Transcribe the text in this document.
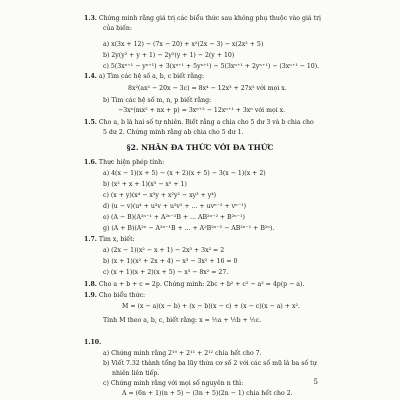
1.3. Chứng minh rằng giá trị các biểu thức sau không phụ thuộc vào giá trị
của biến:
a) x(3x + 12) − (7x − 20) + x²(2x − 3) − x(2x² + 5)
b) 2y(y² + y + 1) − 2y²(y + 1) − 2(y + 10)
c) 5(3xⁿ⁺¹ − yⁿ⁺¹) + 3(xⁿ⁺¹ + 5yⁿ⁺¹) − 5(3xⁿ⁺¹ + 2yⁿ⁺¹) − (3xⁿ⁺¹ − 10).
1.4. a) Tìm các hệ số a, b, c biết rằng:
8x²(ax² − 20x − 3c) = 8x⁴ − 12x³ + 27x² với mọi x.
b) Tìm các hệ số m, n, p biết rằng:
−3xⁿ(mx² + nx + p) = 3xⁿ⁺² − 12xⁿ⁺¹ + 3xⁿ với mọi x.
1.5. Cho a, b là hai số tự nhiên. Biết rằng a chia cho 5 dư 3 và b chia cho
5 dư 2. Chứng minh rằng ab chia cho 5 dư 1.
§2. NHÂN ĐA THỨC VỚI ĐA THỨC
1.6. Thực hiện phép tính:
a) 4(x − 1)(x + 5) − (x + 2)(x + 5) − 3(x − 1)(x + 2)
b) (x² + x + 1)(x³ − x² + 1)
c) (x + y)(x⁴ − x³y + x²y² − xy³ + y⁴)
d) (u − v)(u⁴ + u³v + u²v² + ... + uvⁿ⁻² + vⁿ⁻¹)
e) (A − B)(A²ⁿ⁻¹ + A²ⁿ⁻²B + ... AB²ⁿ⁻² + B²ⁿ⁻¹)
g) (A + B)(A²ⁿ − A²ⁿ⁻¹B + ... + A²B²ⁿ⁻² − AB²ⁿ⁻¹ + B²ⁿ).
1.7. Tìm x, biết:
a) (2x − 1)(x² − x + 1) − 2x³ + 3x² = 2
b) (x + 1)(x² + 2x + 4) − x³ − 3x² + 16 = 0
c) (x + 1)(x + 2)(x + 5) − x³ − 8x² = 27.
1.8. Cho a + b + c = 2p. Chứng minh: 2bc + b² + c² − a² = 4p(p − a).
1.9. Cho biểu thức:
M = (x − a)(x − b) + (x − b)(x − c) + (x − c)(x − a) + x².
Tính M theo a, b, c, biết rằng: x = ½a + ½b + ½c.
1.10.
a) Chứng minh rằng 2¹⁰ + 2¹¹ + 2¹² chia hết cho 7.
b) Viết 7.32 thành tổng ba lũy thừa cơ số 2 với các số mũ là ba số tự
nhiên liên tiếp.
c) Chứng minh rằng với mọi số nguyên n thì:
A = (6n + 1)(n + 5) − (3n + 5)(2n − 1) chia hết cho 2.
5
